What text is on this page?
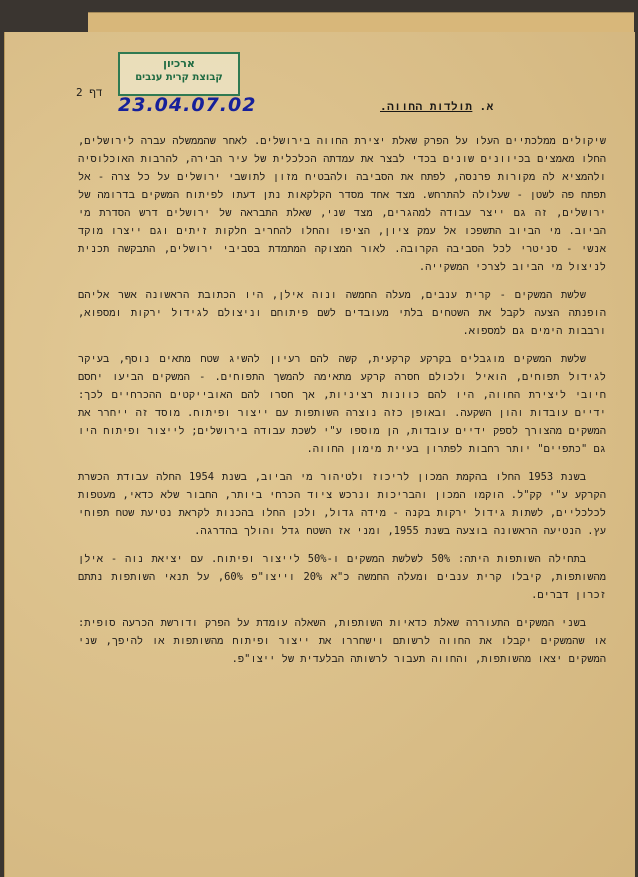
ארכיון
קבוצת קרית ענבים
23.04.07.02
דף 2
א. תולדות החווה.

שיקולים ממלכתיים העלו על הפרק שאלת יצירת החווה בירושלים. לאחר שהממשלה עברה לירושלים, החלו מאמצים בכיוונים שונים בכדי לבצר את עמדתה הכלכלית של עיר הבירה, להרבות האוכלוסיה ולהמציא לה מקורות פרנסה, לפתח את הסביבה ולהבטיח מזון לתושבי ירושלים על כל צרה - אל תפתח פה לשטן - שעלולה להתרחש. מצד אחד מסדר הקלקאות נתן דעתו לפיתוח המשקים בדרומה של ירושלים, זה גם ייצר עבודה למהגרים, מצד שני, שאלת התבראה של ירושלים דרש הסדרת מי הביוב. מי הביוב התשפכו אל עמק ציון, הציפו והחלו להחריב חלקות זיתים וגם ייצרו מוקד אנשי - סניטרי לכל הסביבה הקרובה. לאור המצוקה המתמדת בסביבי ירושלים, התבקשה תכנית לניצול מי הביוב לצרכי המשקייה.

שלשת המשקים - קרית ענבים, מעלה החמשה ונוה אילן, היו הכתובת הראשונה אשר אליהם הופנתה הצעה לקבל את השטחים בלתי מעובדים לשם פיתוחם וניצולם לגידול ירקות ומספוא, ורבבות הימים גם למספוא.

שלשת המשקים מוגבלים בקרקע קרקעית, קשה להם רעיון להשיג שטח מתאים נוסף, בעיקר לגידול תפוחים, הואיל ולכולם חסרה קרקע מתאימה להמשך התפוחים. - המשקים הביעו יחסם חיובי ליצירת החווה, היו להם כוונות רציניות, אך חסרו להם האובייקטים ההכרחיים לכך: ידיים עובדות והון השקעה. ובאופן כזה נוצרה השותפות עם ייצור ופיתוח. מוסד זה ייחרר את המשקים מהצורך לספק ידיים עובדות, הן מוספו ע"י לשכת עבודה בירושלים; לייצור ופיתוח היו גם "כתפיים" יותר רחבות לפתרון בעיית מימון החווה.

בשנת 1953 החלו בהקמת המכון לריכוז ולטיהור מי הביוב, בשנת 1954 החלה עבודת הכשרת הקרקע ע"י קק"ל. הוקמו המכון והבריכות ונרכש ציוד הכרחי ביותר, החבור שלא כדאי, מעטפות לכלכליים, לשתות גידול ירקות בקנה - מידה גדול, ולכן החלו בהכנות לקראת נטיעת שטח תפוחי עץ. הנטיעה הראשונה בוצעה בשנת 1955, ומני אז השטח גדל והולך בהדרגה.

בתחילה השותפות היתה: 50% לשלשת המשקים ו-50% לייצור ופיתוח. עם יציאת נוה - אילן מהשותפות, קיבלו קרית ענבים ומעלה החמשה כ"א 20% וייצו"פ 60%, על תנאי השותפות נתתם זכרון דברים.

בשני המשקים התעוררה שאלת כדאיות השותפות, השאלה עומדת על הפרק ודורשת הכרעה סופית: או שהמשקים יקבלו את החווה לרשותם וישחררו את ייצור ופיתוח מהשותפות או להיפך, שני המשקים יצאו מהשותפות, והחווה תעבור לרשותה הבלעדית של ייצו"פ.
